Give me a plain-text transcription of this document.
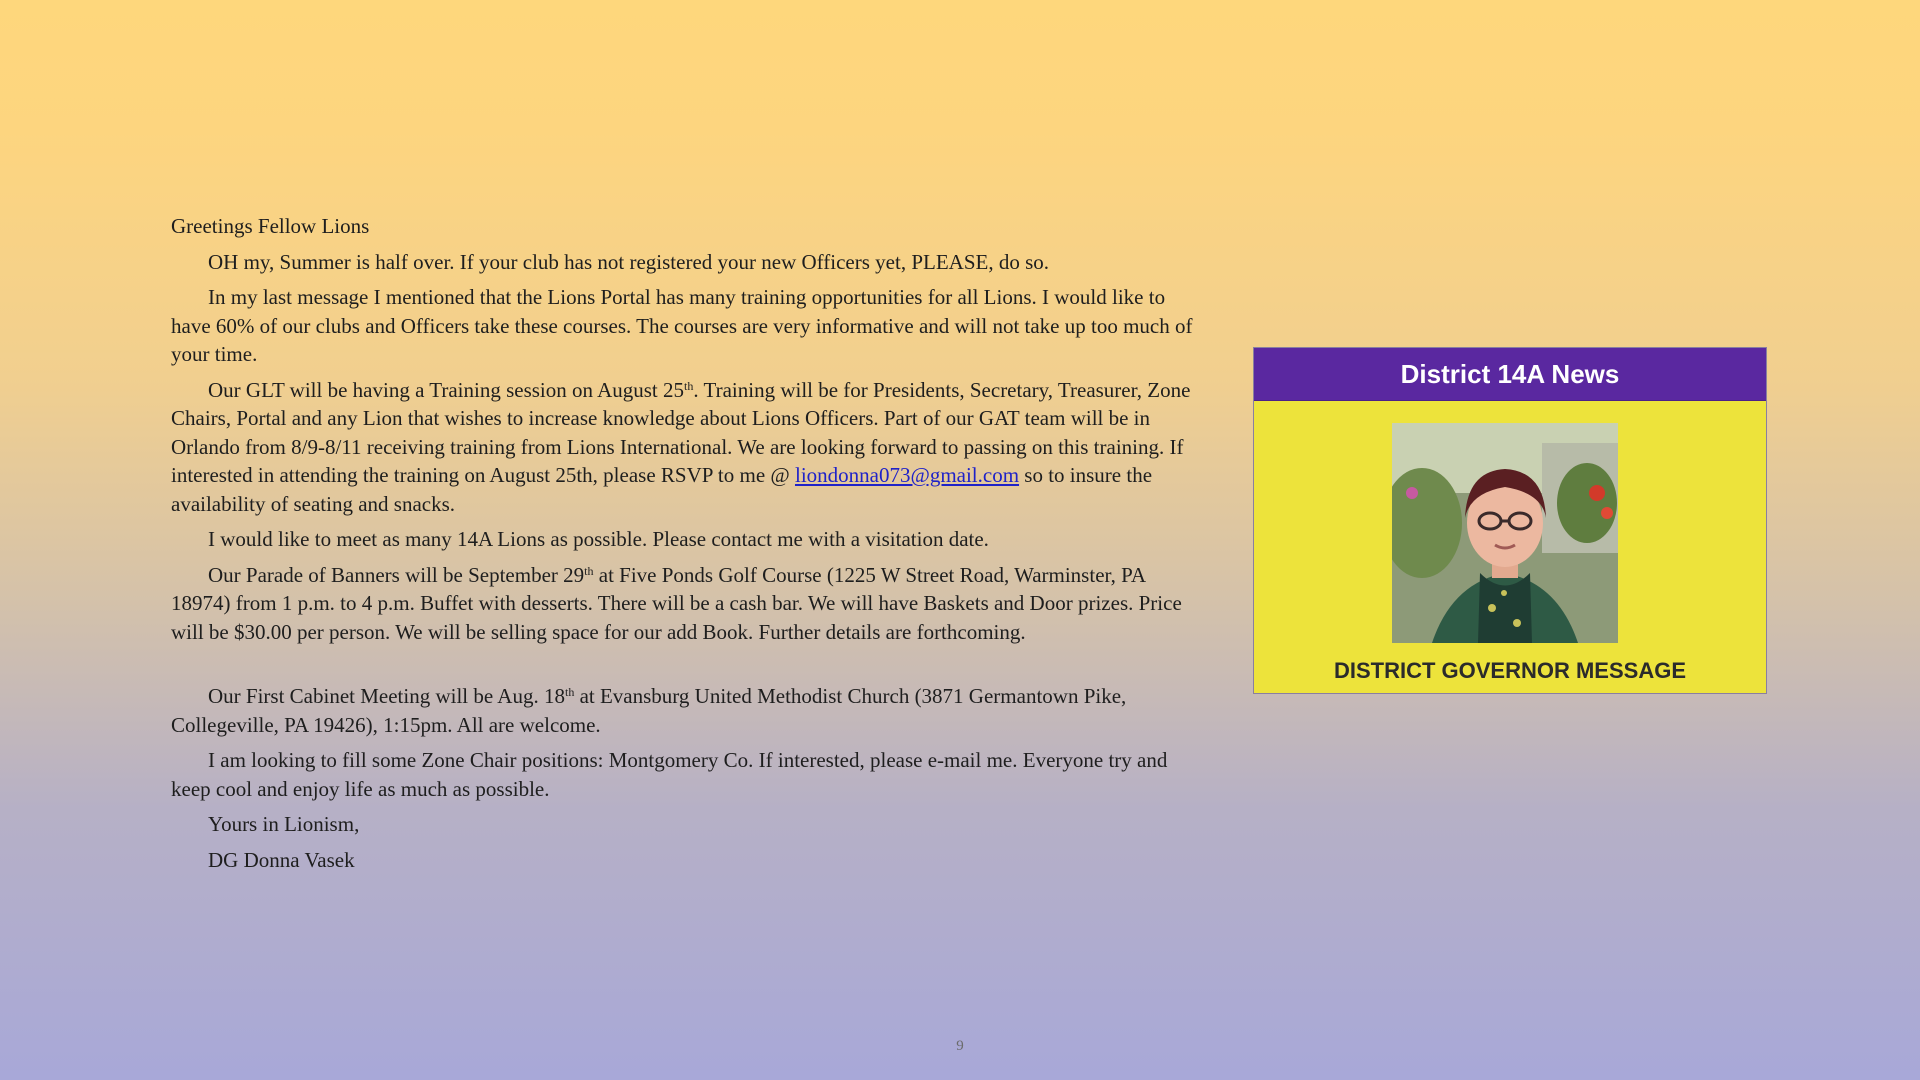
Greetings Fellow Lions

OH my, Summer is half over. If your club has not registered your new Officers yet, PLEASE, do so.

In my last message I mentioned that the Lions Portal has many training opportunities for all Lions. I would like to have 60% of our clubs and Officers take these courses. The courses are very informative and will not take up too much of your time.

Our GLT will be having a Training session on August 25th. Training will be for Presidents, Secretary, Treasurer, Zone Chairs, Portal and any Lion that wishes to increase knowledge about Lions Officers. Part of our GAT team will be in Orlando from 8/9-8/11 receiving training from Lions International. We are looking forward to passing on this training. If interested in attending the training on August 25th, please RSVP to me @ liondonna073@gmail.com so to insure the availability of seating and snacks.

I would like to meet as many 14A Lions as possible. Please contact me with a visitation date.

Our Parade of Banners will be September 29th at Five Ponds Golf Course (1225 W Street Road, Warminster, PA 18974) from 1 p.m. to 4 p.m. Buffet with desserts. There will be a cash bar. We will have Baskets and Door prizes. Price will be $30.00 per person. We will be selling space for our add Book. Further details are forthcoming.

Our First Cabinet Meeting will be Aug. 18th at Evansburg United Methodist Church (3871 Germantown Pike, Collegeville, PA 19426), 1:15pm. All are welcome.

I am looking to fill some Zone Chair positions: Montgomery Co. If interested, please e-mail me. Everyone try and keep cool and enjoy life as much as possible.

Yours in Lionism,

DG Donna Vasek

District 14A News
DISTRICT GOVERNOR MESSAGE
9
